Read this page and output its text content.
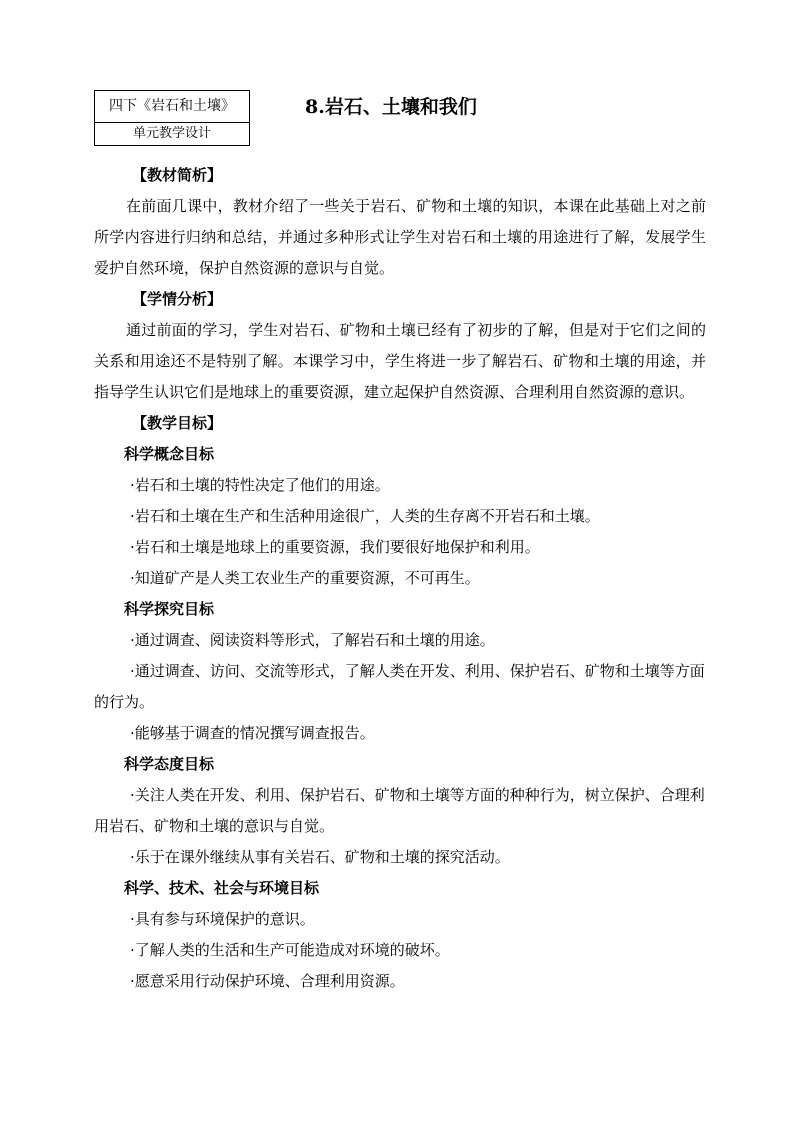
四下《岩石和土壤》
单元教学设计
8.岩石、土壤和我们

【教材简析】

在前面几课中，教材介绍了一些关于岩石、矿物和土壤的知识，本课在此基础上对之前所学内容进行归纳和总结，并通过多种形式让学生对岩石和土壤的用途进行了解，发展学生爱护自然环境，保护自然资源的意识与自觉。

【学情分析】

通过前面的学习，学生对岩石、矿物和土壤已经有了初步的了解，但是对于它们之间的关系和用途还不是特别了解。本课学习中，学生将进一步了解岩石、矿物和土壤的用途，并指导学生认识它们是地球上的重要资源，建立起保护自然资源、合理利用自然资源的意识。

【教学目标】

科学概念目标

·岩石和土壤的特性决定了他们的用途。

·岩石和土壤在生产和生活种用途很广，人类的生存离不开岩石和土壤。

·岩石和土壤是地球上的重要资源，我们要很好地保护和利用。

·知道矿产是人类工农业生产的重要资源，不可再生。

科学探究目标

·通过调查、阅读资料等形式，了解岩石和土壤的用途。

·通过调查、访问、交流等形式，了解人类在开发、利用、保护岩石、矿物和土壤等方面的行为。

·能够基于调查的情况撰写调查报告。

科学态度目标

·关注人类在开发、利用、保护岩石、矿物和土壤等方面的种种行为，树立保护、合理利用岩石、矿物和土壤的意识与自觉。

·乐于在课外继续从事有关岩石、矿物和土壤的探究活动。

科学、技术、社会与环境目标

·具有参与环境保护的意识。

·了解人类的生活和生产可能造成对环境的破坏。

·愿意采用行动保护环境、合理利用资源。
